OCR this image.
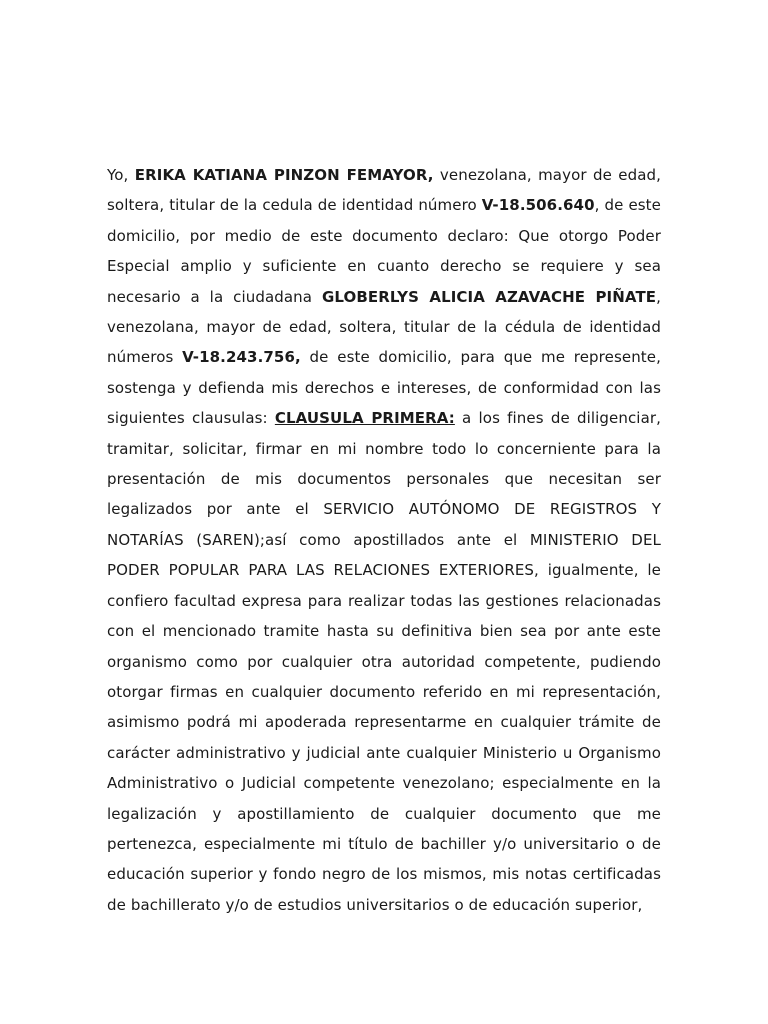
Yo, ERIKA KATIANA PINZON FEMAYOR, venezolana, mayor de edad, soltera, titular de la cedula de identidad número V-18.506.640, de este domicilio, por medio de este documento declaro: Que otorgo Poder Especial amplio y suficiente en cuanto derecho se requiere y sea necesario a la ciudadana GLOBERLYS ALICIA AZAVACHE PIÑATE, venezolana, mayor de edad, soltera, titular de la cédula de identidad números V-18.243.756, de este domicilio, para que me represente, sostenga y defienda mis derechos e intereses, de conformidad con las siguientes clausulas: CLAUSULA PRIMERA: a los fines de diligenciar, tramitar, solicitar, firmar en mi nombre todo lo concerniente para la presentación de mis documentos personales que necesitan ser legalizados por ante el SERVICIO AUTÓNOMO DE REGISTROS Y NOTARÍAS (SAREN);así como apostillados ante el MINISTERIO DEL PODER POPULAR PARA LAS RELACIONES EXTERIORES, igualmente, le confiero facultad expresa para realizar todas las gestiones relacionadas con el mencionado tramite hasta su definitiva bien sea por ante este organismo como por cualquier otra autoridad competente, pudiendo otorgar firmas en cualquier documento referido en mi representación, asimismo podrá mi apoderada representarme en cualquier trámite de carácter administrativo y judicial ante cualquier Ministerio u Organismo Administrativo o Judicial competente venezolano; especialmente en la legalización y apostillamiento de cualquier documento que me pertenezca, especialmente mi título de bachiller y/o universitario o de educación superior y fondo negro de los mismos, mis notas certificadas de bachillerato y/o de estudios universitarios o de educación superior,
